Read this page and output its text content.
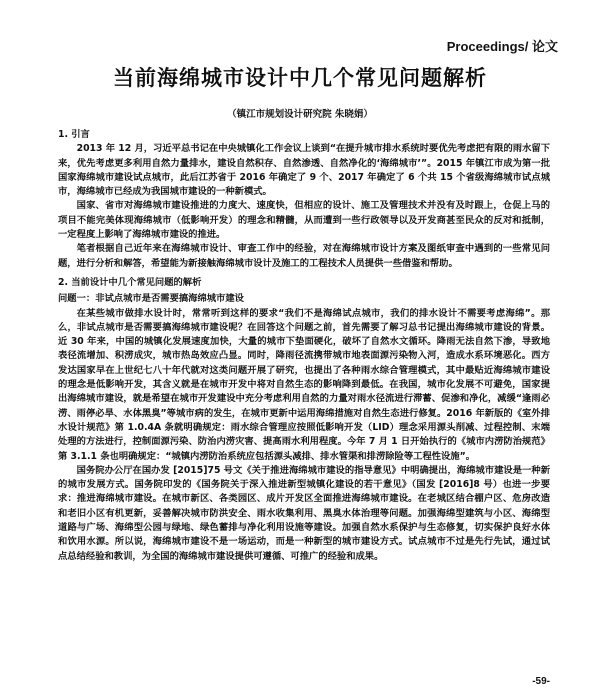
Proceedings/ 论文
当前海绵城市设计中几个常见问题解析
（镇江市规划设计研究院 朱晓娟）

1. 引言

2013 年 12 月，习近平总书记在中央城镇化工作会议上谈到“在提升城市排水系统时要优先考虑把有限的雨水留下来，优先考虑更多利用自然力量排水，建设自然积存、自然渗透、自然净化的‘海绵城市’”。2015 年镇江市成为第一批国家海绵城市建设试点城市，此后江苏省于 2016 年确定了 9 个、2017 年确定了 6 个共 15 个省级海绵城市试点城市，海绵城市已经成为我国城市建设的一种新模式。

国家、省市对海绵城市建设推进的力度大、速度快，但相应的设计、施工及管理技术并没有及时跟上，仓促上马的项目不能完美体现海绵城市（低影响开发）的理念和精髓，从而遭到一些行政领导以及开发商甚至民众的反对和抵制，一定程度上影响了海绵城市建设的推进。

笔者根据自己近年来在海绵城市设计、审查工作中的经验，对在海绵城市设计方案及图纸审查中遇到的一些常见问题，进行分析和解答，希望能为新接触海绵城市设计及施工的工程技术人员提供一些借鉴和帮助。

2. 当前设计中几个常见问题的解析

问题一：非试点城市是否需要搞海绵城市建设

在某些城市做排水设计时，常常听到这样的要求“我们不是海绵试点城市，我们的排水设计不需要考虑海绵”。那么，非试点城市是否需要搞海绵城市建设呢？在回答这个问题之前，首先需要了解习总书记提出海绵城市建设的背景。近 30 年来，中国的城镇化发展速度加快，大量的城市下垫面硬化，破坏了自然水文循环。降雨无法自然下渗，导致地表径流增加、积涝成灾，城市热岛效应凸显。同时，降雨径流携带城市地表面源污染物入河，造成水系环境恶化。西方发达国家早在上世纪七八十年代就对这类问题开展了研究，也提出了各种雨水综合管理模式，其中最贴近海绵城市建设的理念是低影响开发，其含义就是在城市开发中将对自然生态的影响降到最低。在我国，城市化发展不可避免，国家提出海绵城市建设，就是希望在城市开发建设中充分考虑利用自然的力量对雨水径流进行滞蓄、促渗和净化，减缓“逢雨必涝、雨停必旱、水体黑臭”等城市病的发生，在城市更新中运用海绵措施对自然生态进行修复。2016 年新版的《室外排水设计规范》第 1.0.4A 条就明确规定：雨水综合管理应按照低影响开发（LID）理念采用源头削减、过程控制、末端处理的方法进行，控制面源污染、防治内涝灾害、提高雨水利用程度。今年 7 月 1 日开始执行的《城市内涝防治规范》第 3.1.1 条也明确规定：“城镇内涝防治系统应包括源头减排、排水管渠和排涝除险等工程性设施”。

国务院办公厅在国办发 [2015]75 号文《关于推进海绵城市建设的指导意见》中明确提出，海绵城市建设是一种新的城市发展方式。国务院印发的《国务院关于深入推进新型城镇化建设的若干意见》（国发 [2016]8 号）也进一步要求：推进海绵城市建设。在城市新区、各类园区、成片开发区全面推进海绵城市建设。在老城区结合棚户区、危房改造和老旧小区有机更新，妥善解决城市防洪安全、雨水收集利用、黑臭水体治理等问题。加强海绵型建筑与小区、海绵型道路与广场、海绵型公园与绿地、绿色蓄排与净化利用设施等建设。加强自然水系保护与生态修复，切实保护良好水体和饮用水源。所以说，海绵城市建设不是一场运动，而是一种新型的城市建设方式。试点城市不过是先行先试，通过试点总结经验和教训，为全国的海绵城市建设提供可遵循、可推广的经验和成果。

-59-
